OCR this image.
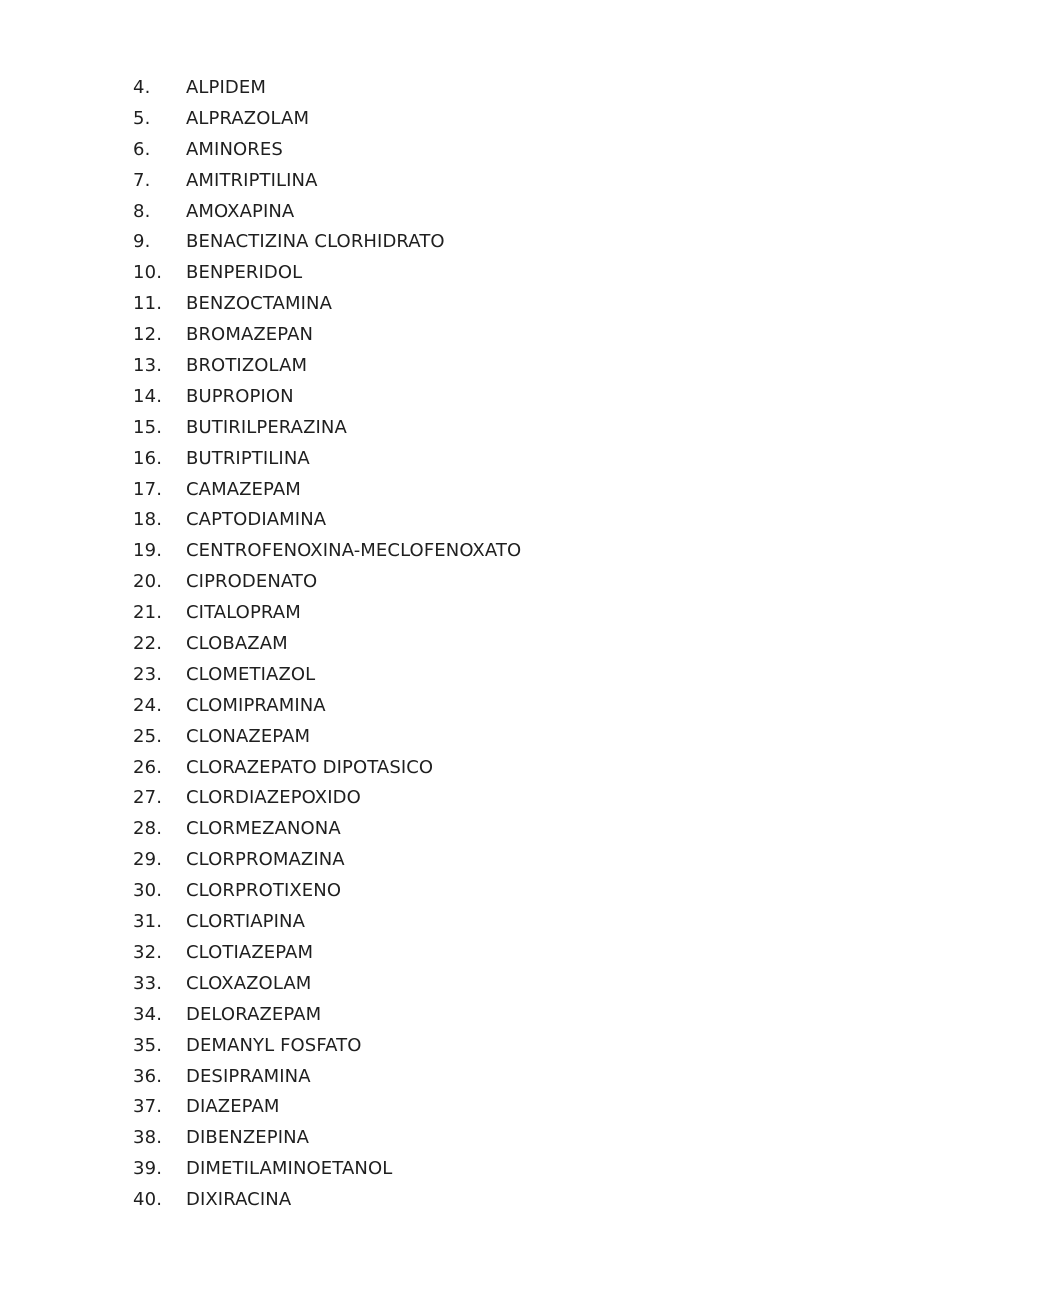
4.	ALPIDEM
5.	ALPRAZOLAM
6.	AMINORES
7.	AMITRIPTILINA
8.	AMOXAPINA
9.	BENACTIZINA CLORHIDRATO
10.	BENPERIDOL
11.	BENZOCTAMINA
12.	BROMAZEPAN
13.	BROTIZOLAM
14.	BUPROPION
15.	BUTIRILPERAZINA
16.	BUTRIPTILINA
17.	CAMAZEPAM
18.	CAPTODIAMINA
19.	CENTROFENOXINA-MECLOFENOXATO
20.	CIPRODENATO
21.	CITALOPRAM
22.	CLOBAZAM
23.	CLOMETIAZOL
24.	CLOMIPRAMINA
25.	CLONAZEPAM
26.	CLORAZEPATO DIPOTASICO
27.	CLORDIAZEPOXIDO
28.	CLORMEZANONA
29.	CLORPROMAZINA
30.	CLORPROTIXENO
31.	CLORTIAPINA
32.	CLOTIAZEPAM
33.	CLOXAZOLAM
34.	DELORAZEPAM
35.	DEMANYL FOSFATO
36.	DESIPRAMINA
37.	DIAZEPAM
38.	DIBENZEPINA
39.	DIMETILAMINOETANOL
40.	DIXIRACINA
